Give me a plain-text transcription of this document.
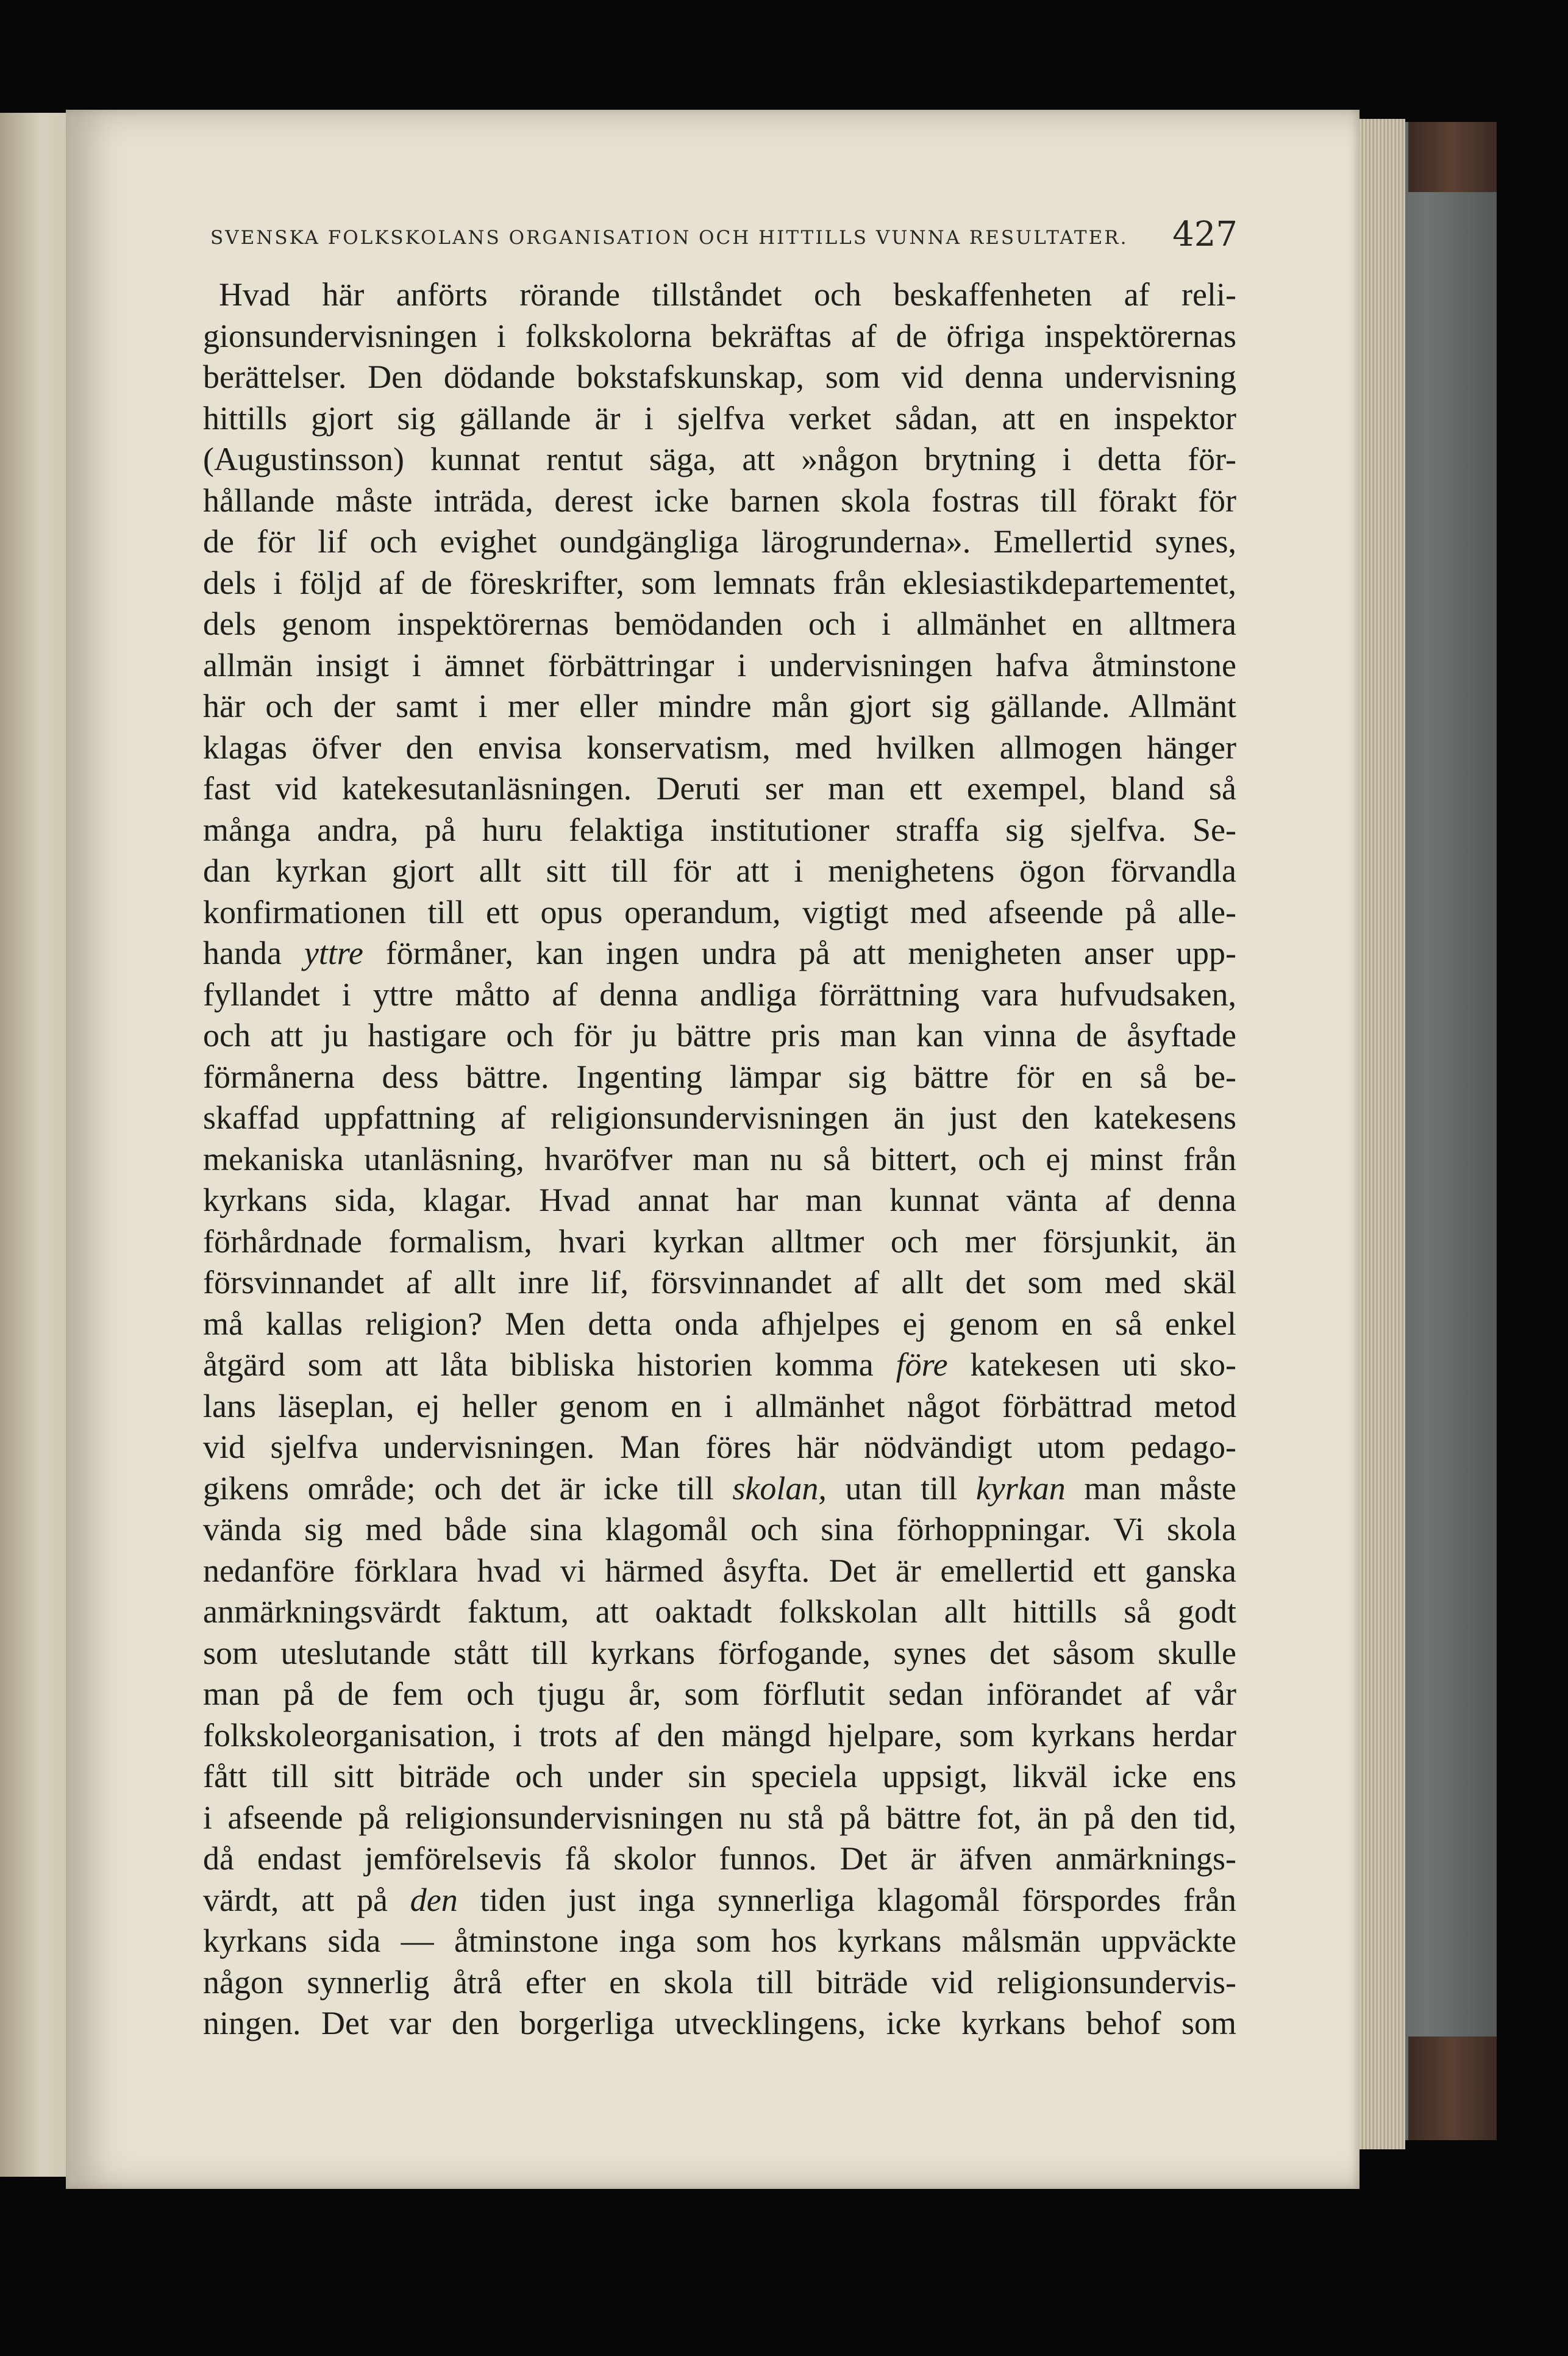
SVENSKA FOLKSKOLANS ORGANISATION OCH HITTILLS VUNNA RESULTATER. 427
Hvad här anförts rörande tillståndet och beskaffenheten af reli-
gionsundervisningen i folkskolorna bekräftas af de öfriga inspektörernas
berättelser. Den dödande bokstafskunskap, som vid denna undervisning
hittills gjort sig gällande är i sjelfva verket sådan, att en inspektor
(Augustinsson) kunnat rentut säga, att »någon brytning i detta för-
hållande måste inträda, derest icke barnen skola fostras till förakt för
de för lif och evighet oundgängliga lärogrunderna». Emellertid synes,
dels i följd af de föreskrifter, som lemnats från eklesiastikdepartementet,
dels genom inspektörernas bemödanden och i allmänhet en alltmera
allmän insigt i ämnet förbättringar i undervisningen hafva åtminstone
här och der samt i mer eller mindre mån gjort sig gällande. Allmänt
klagas öfver den envisa konservatism, med hvilken allmogen hänger
fast vid katekesutanläsningen. Deruti ser man ett exempel, bland så
många andra, på huru felaktiga institutioner straffa sig sjelfva. Se-
dan kyrkan gjort allt sitt till för att i menighetens ögon förvandla
konfirmationen till ett opus operandum, vigtigt med afseende på alle-
handa yttre förmåner, kan ingen undra på att menigheten anser upp-
fyllandet i yttre måtto af denna andliga förrättning vara hufvudsaken,
och att ju hastigare och för ju bättre pris man kan vinna de åsyftade
förmånerna dess bättre. Ingenting lämpar sig bättre för en så be-
skaffad uppfattning af religionsundervisningen än just den katekesens
mekaniska utanläsning, hvaröfver man nu så bittert, och ej minst från
kyrkans sida, klagar. Hvad annat har man kunnat vänta af denna
förhårdnade formalism, hvari kyrkan alltmer och mer försjunkit, än
försvinnandet af allt inre lif, försvinnandet af allt det som med skäl
må kallas religion? Men detta onda afhjelpes ej genom en så enkel
åtgärd som att låta bibliska historien komma före katekesen uti sko-
lans läseplan, ej heller genom en i allmänhet något förbättrad metod
vid sjelfva undervisningen. Man föres här nödvändigt utom pedago-
gikens område; och det är icke till skolan, utan till kyrkan man måste
vända sig med både sina klagomål och sina förhoppningar. Vi skola
nedanföre förklara hvad vi härmed åsyfta. Det är emellertid ett ganska
anmärkningsvärdt faktum, att oaktadt folkskolan allt hittills så godt
som uteslutande stått till kyrkans förfogande, synes det såsom skulle
man på de fem och tjugu år, som förflutit sedan införandet af vår
folkskoleorganisation, i trots af den mängd hjelpare, som kyrkans herdar
fått till sitt biträde och under sin speciela uppsigt, likväl icke ens
i afseende på religionsundervisningen nu stå på bättre fot, än på den tid,
då endast jemförelsevis få skolor funnos. Det är äfven anmärknings-
värdt, att på den tiden just inga synnerliga klagomål förspordes från
kyrkans sida — åtminstone inga som hos kyrkans målsmän uppväckte
någon synnerlig åtrå efter en skola till biträde vid religionsundervis-
ningen. Det var den borgerliga utvecklingens, icke kyrkans behof som
